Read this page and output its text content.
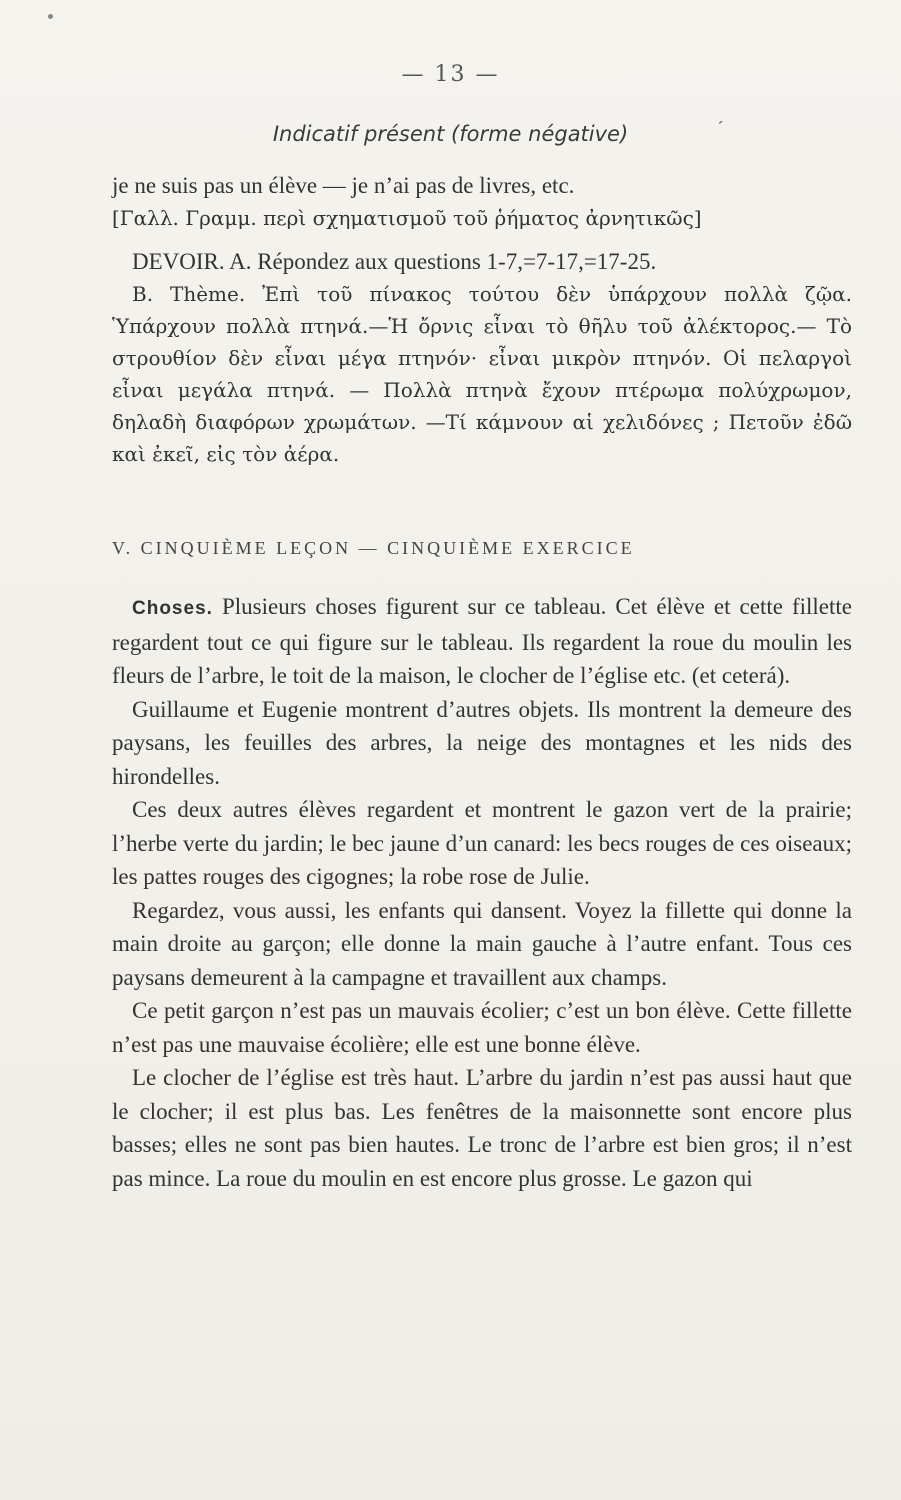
‘
— 13 —
Indicatif présent (forme négative)

je ne suis pas un élève — je n’ai pas de livres, etc.

[Γαλλ. Γραμμ. περὶ σχηματισμοῦ τοῦ ῥήματος ἀρνητικῶς]

DEVOIR. A. Répondez aux questions 1-7,=7-17,=17-25.

B. Thème. Ἐπὶ τοῦ πίνακος τούτου δὲν ὑπάρχουν πολλὰ ζῷα. Ὑπάρχουν πολλὰ πτηνά.—Ἡ ὄρνις εἶναι τὸ θῆλυ τοῦ ἀλέκτορος.— Τὸ στρουθίον δὲν εἶναι μέγα πτηνόν· εἶναι μικρὸν πτηνόν. Οἱ πελαργοὶ εἶναι μεγάλα πτηνά. — Πολλὰ πτηνὰ ἔχουν πτέρωμα πολύχρωμον, δηλαδὴ διαφόρων χρωμάτων. —Τί κάμνουν αἱ χελιδόνες ; Πετοῦν ἐδῶ καὶ ἐκεῖ, εἰς τὸν ἀέρα.

V. CINQUIÈME LEÇON — CINQUIÈME EXERCICE

Choses. Plusieurs choses figurent sur ce tableau. Cet élève et cette fillette regardent tout ce qui figure sur le tableau. Ils regardent la roue du moulin les fleurs de l’arbre, le toit de la maison, le clocher de l’église etc. (et ceterá).

Guillaume et Eugenie montrent d’autres objets. Ils montrent la demeure des paysans, les feuilles des arbres, la neige des montagnes et les nids des hirondelles.

Ces deux autres élèves regardent et montrent le gazon vert de la prairie; l’herbe verte du jardin; le bec jaune d’un canard: les becs rouges de ces oiseaux; les pattes rouges des cigognes; la robe rose de Julie.

Regardez, vous aussi, les enfants qui dansent. Voyez la fillette qui donne la main droite au garçon; elle donne la main gauche à l’autre enfant. Tous ces paysans demeurent à la campagne et travaillent aux champs.

Ce petit garçon n’est pas un mauvais écolier; c’est un bon élève. Cette fillette n’est pas une mauvaise écolière; elle est une bonne élève.

Le clocher de l’église est très haut. L’arbre du jardin n’est pas aussi haut que le clocher; il est plus bas. Les fenêtres de la maisonnette sont encore plus basses; elles ne sont pas bien hautes. Le tronc de l’arbre est bien gros; il n’est pas mince. La roue du moulin en est encore plus grosse. Le gazon qui
